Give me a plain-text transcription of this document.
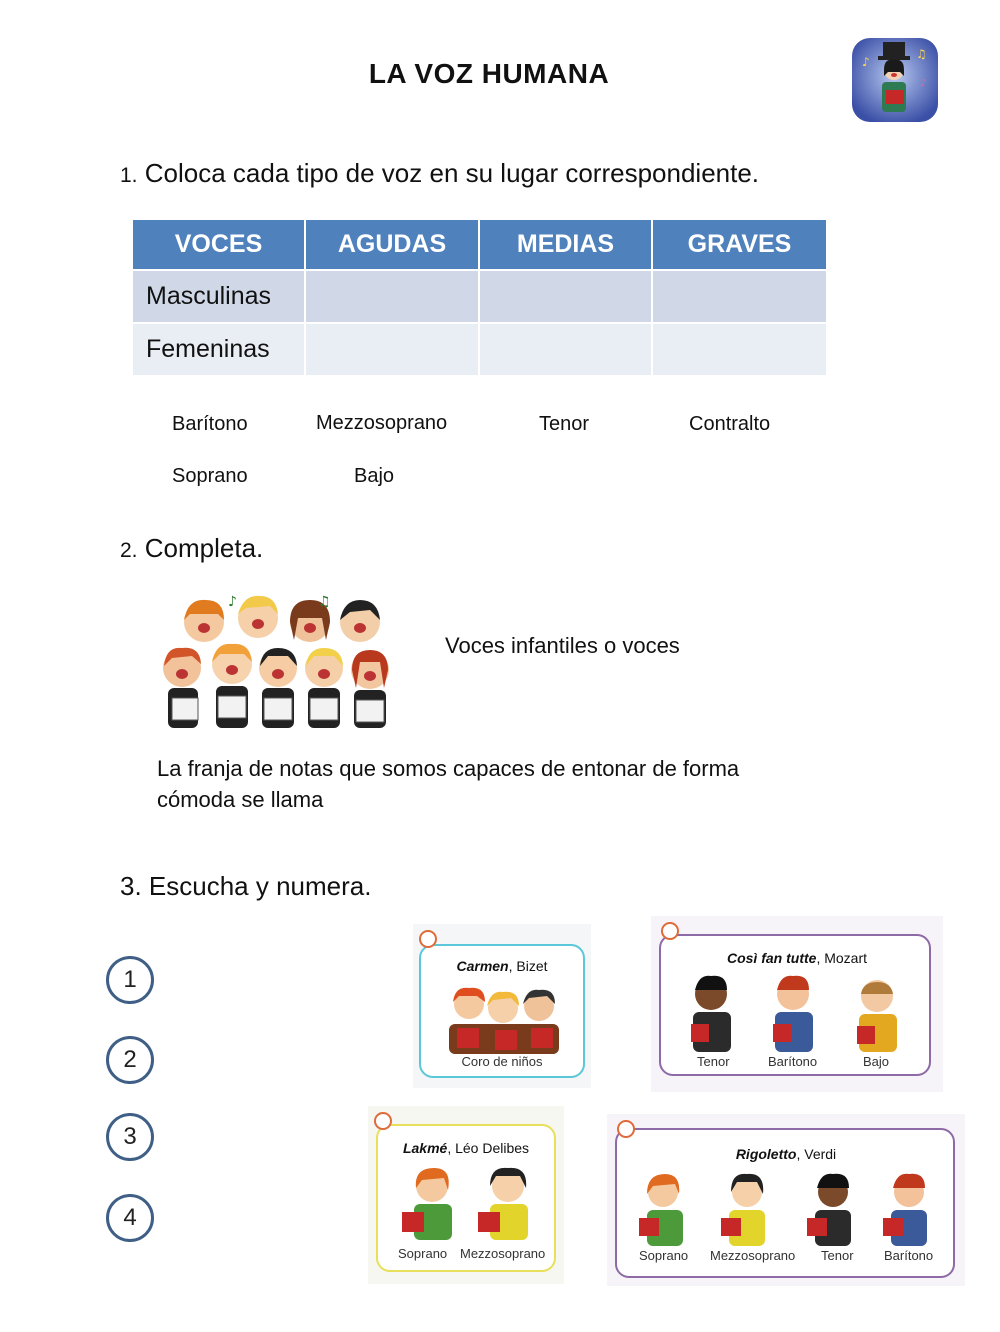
LA VOZ HUMANA	♪
♫
♪
1. Coloca cada tipo de voz en su lugar correspondiente.
VOCES	AGUDAS	MEDIAS	GRAVES
Masculinas
Femeninas
Barítono	Mezzosoprano	Tenor	Contralto
Soprano	Bajo
2. Completa.
♪	♫
Voces infantiles o voces
La franja de notas que somos capaces de entonar de forma
cómoda se llama
3. Escucha y numera.
1
2
3
4
Carmen, Bizet
Coro de niños
Così fan tutte, Mozart
Tenor	Barítono	Bajo
Lakmé, Léo Delibes
Soprano Mezzosoprano
Rigoletto, Verdi
Soprano Mezzosoprano Tenor Barítono
